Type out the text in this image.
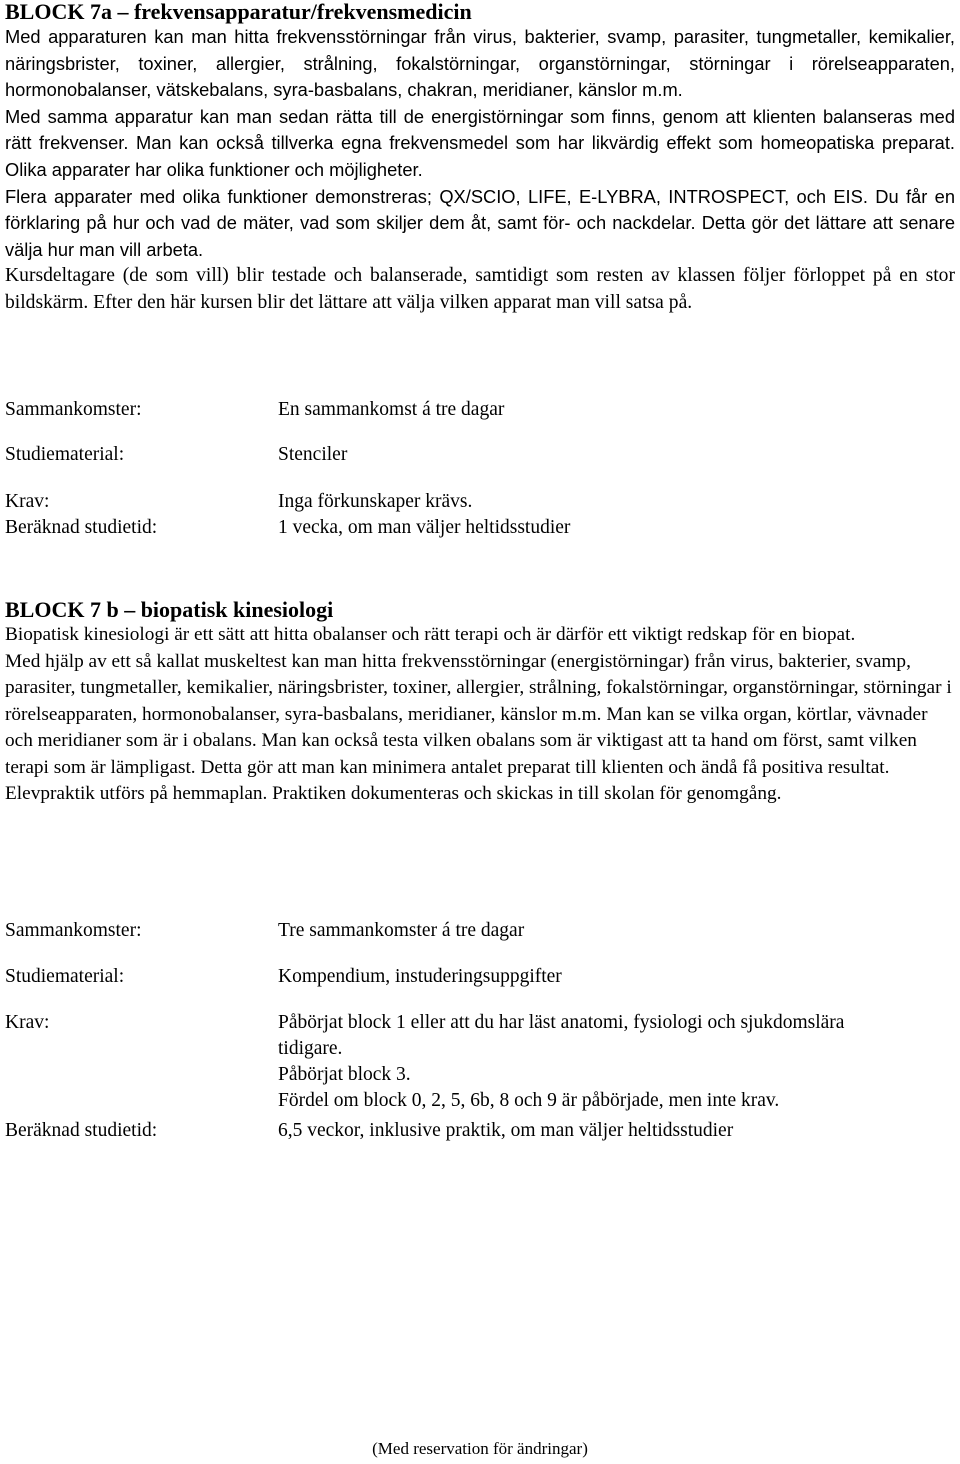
BLOCK 7a – frekvensapparatur/frekvensmedicin

Med apparaturen kan man hitta frekvensstörningar från virus, bakterier, svamp, parasiter, tungmetaller, kemikalier, näringsbrister, toxiner, allergier, strålning, fokalstörningar, organstörningar, störningar i rörelseapparaten, hormonobalanser, vätskebalans, syra-basbalans, chakran, meridianer, känslor m.m.

Med samma apparatur kan man sedan rätta till de energistörningar som finns, genom att klienten balanseras med rätt frekvenser. Man kan också tillverka egna frekvensmedel som har likvärdig effekt som homeopatiska preparat. Olika apparater har olika funktioner och möjligheter.

Flera apparater med olika funktioner demonstreras; QX/SCIO, LIFE, E-LYBRA, INTROSPECT, och EIS. Du får en förklaring på hur och vad de mäter, vad som skiljer dem åt, samt för- och nackdelar. Detta gör det lättare att senare välja hur man vill arbeta.

Kursdeltagare (de som vill) blir testade och balanserade, samtidigt som resten av klassen följer förloppet på en stor bildskärm. Efter den här kursen blir det lättare att välja vilken apparat man vill satsa på.

Sammankomster:	En sammankomst á tre dagar
Studiematerial:	Stenciler
Krav:	Inga förkunskaper krävs.
Beräknad studietid:	1 vecka, om man väljer heltidsstudier
BLOCK 7 b – biopatisk kinesiologi

Biopatisk kinesiologi är ett sätt att hitta obalanser och rätt terapi och är därför ett viktigt redskap för en biopat.

Med hjälp av ett så kallat muskeltest kan man hitta frekvensstörningar (energistörningar) från virus, bakterier, svamp, parasiter, tungmetaller, kemikalier, näringsbrister, toxiner, allergier, strålning, fokalstörningar, organstörningar, störningar i rörelseapparaten, hormonobalanser, syra-basbalans, meridianer, känslor m.m. Man kan se vilka organ, körtlar, vävnader och meridianer som är i obalans. Man kan också testa vilken obalans som är viktigast att ta hand om först, samt vilken terapi som är lämpligast. Detta gör att man kan minimera antalet preparat till klienten och ändå få positiva resultat. Elevpraktik utförs på hemmaplan. Praktiken dokumenteras och skickas in till skolan för genomgång.

Sammankomster:	Tre sammankomster á tre dagar
Studiematerial:	Kompendium, instuderingsuppgifter
Krav:	Påbörjat block 1 eller att du har läst anatomi, fysiologi och sjukdomslära
tidigare.
Påbörjat block 3.
Fördel om block 0, 2, 5, 6b, 8 och 9 är påbörjade, men inte krav.
Beräknad studietid:	6,5 veckor, inklusive praktik, om man väljer heltidsstudier
(Med reservation för ändringar)
